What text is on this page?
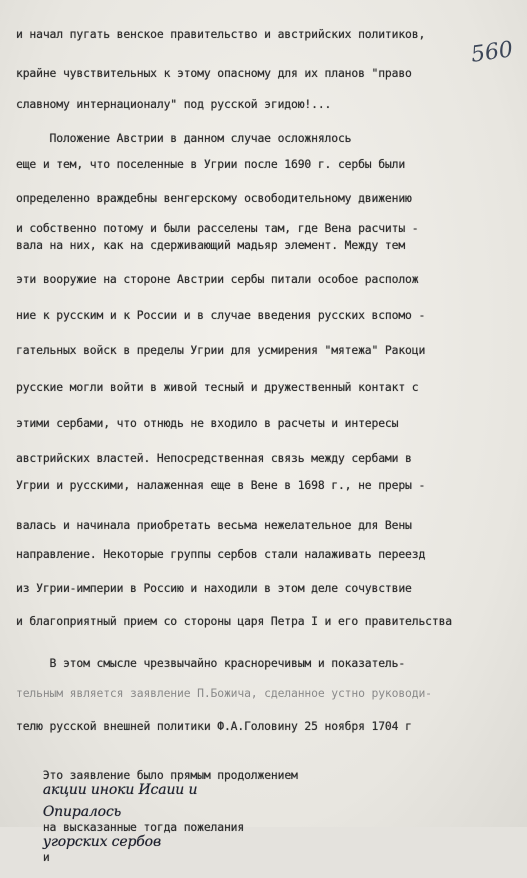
560
и начал пугать венское правительство и австрийских политиков,
крайне чувствительных к этому опасному для их планов "право
славному интернационалу" под русской эгидою!...
Положение Австрии в данном случае осложнялось
еще и тем, что поселенные в Угрии после 1690 г. сербы были
определенно враждебны венгерскому освободительному движению
и собственно потому и были расселены там, где Вена расчиты -
вала на них, как на сдерживающий мадьяр элемент. Между тем
эти вооружие на стороне Австрии сербы питали особое располож
ние к русским и к России и в случае введения русских вспомо -
гательных войск в пределы Угрии для усмирения "мятежа" Ракоци
русские могли войти в живой тесный и дружественный контакт с
этими сербами, что отнюдь не входило в расчеты и интересы
австрийских властей. Непосредственная связь между сербами в
Угрии и русскими, налаженная еще в Вене в 1698 г., не преры -
валась и начинала приобретать весьма нежелательное для Вены
направление. Некоторые группы сербов стали налаживать переезд
из Угрии-империи в Россию и находили в этом деле сочувствие
и благоприятный прием со стороны царя Петра I и его правительства
В этом смысле чрезвычайно красноречивым и показатель-
тельным является заявление П.Божича, сделанное устно руководи-
телю русской внешней политики Ф.А.Головину 25 ноября 1704 г

Это заявление было прямым продолжением
акции иноки Исаии и

Опиралось
на высказанные тогда пожелания
угорских сербов
и
